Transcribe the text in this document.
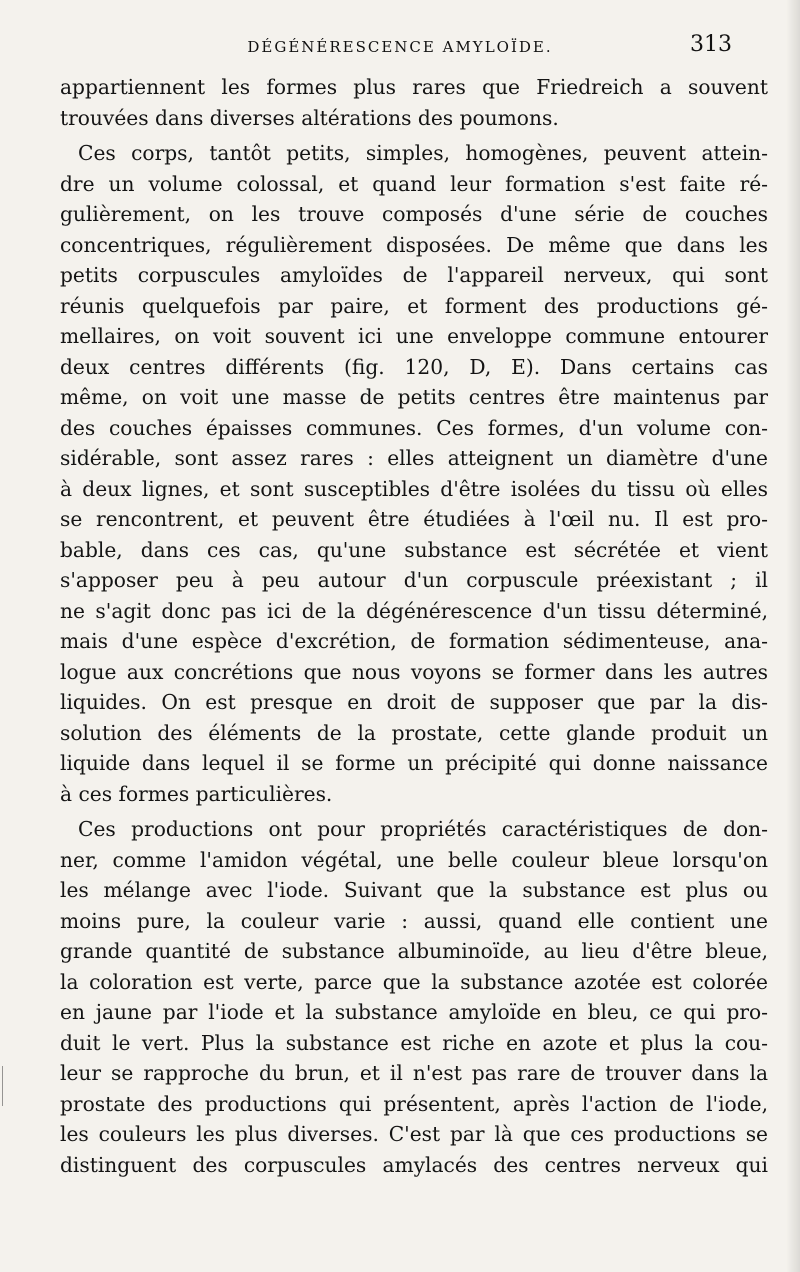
DÉGÉNÉRESCENCE AMYLOÏDE.	313
appartiennent les formes plus rares que Friedreich a souvent
trouvées dans diverses altérations des poumons.
Ces corps, tantôt petits, simples, homogènes, peuvent attein-
dre un volume colossal, et quand leur formation s'est faite ré-
gulièrement, on les trouve composés d'une série de couches
concentriques, régulièrement disposées. De même que dans les
petits corpuscules amyloïdes de l'appareil nerveux, qui sont
réunis quelquefois par paire, et forment des productions gé-
mellaires, on voit souvent ici une enveloppe commune entourer
deux centres différents (fig. 120, D, E). Dans certains cas
même, on voit une masse de petits centres être maintenus par
des couches épaisses communes. Ces formes, d'un volume con-
sidérable, sont assez rares : elles atteignent un diamètre d'une
à deux lignes, et sont susceptibles d'être isolées du tissu où elles
se rencontrent, et peuvent être étudiées à l'œil nu. Il est pro-
bable, dans ces cas, qu'une substance est sécrétée et vient
s'apposer peu à peu autour d'un corpuscule préexistant ; il
ne s'agit donc pas ici de la dégénérescence d'un tissu déterminé,
mais d'une espèce d'excrétion, de formation sédimenteuse, ana-
logue aux concrétions que nous voyons se former dans les autres
liquides. On est presque en droit de supposer que par la dis-
solution des éléments de la prostate, cette glande produit un
liquide dans lequel il se forme un précipité qui donne naissance
à ces formes particulières.
Ces productions ont pour propriétés caractéristiques de don-
ner, comme l'amidon végétal, une belle couleur bleue lorsqu'on
les mélange avec l'iode. Suivant que la substance est plus ou
moins pure, la couleur varie : aussi, quand elle contient une
grande quantité de substance albuminoïde, au lieu d'être bleue,
la coloration est verte, parce que la substance azotée est colorée
en jaune par l'iode et la substance amyloïde en bleu, ce qui pro-
duit le vert. Plus la substance est riche en azote et plus la cou-
leur se rapproche du brun, et il n'est pas rare de trouver dans la
prostate des productions qui présentent, après l'action de l'iode,
les couleurs les plus diverses. C'est par là que ces productions se
distinguent des corpuscules amylacés des centres nerveux qui
